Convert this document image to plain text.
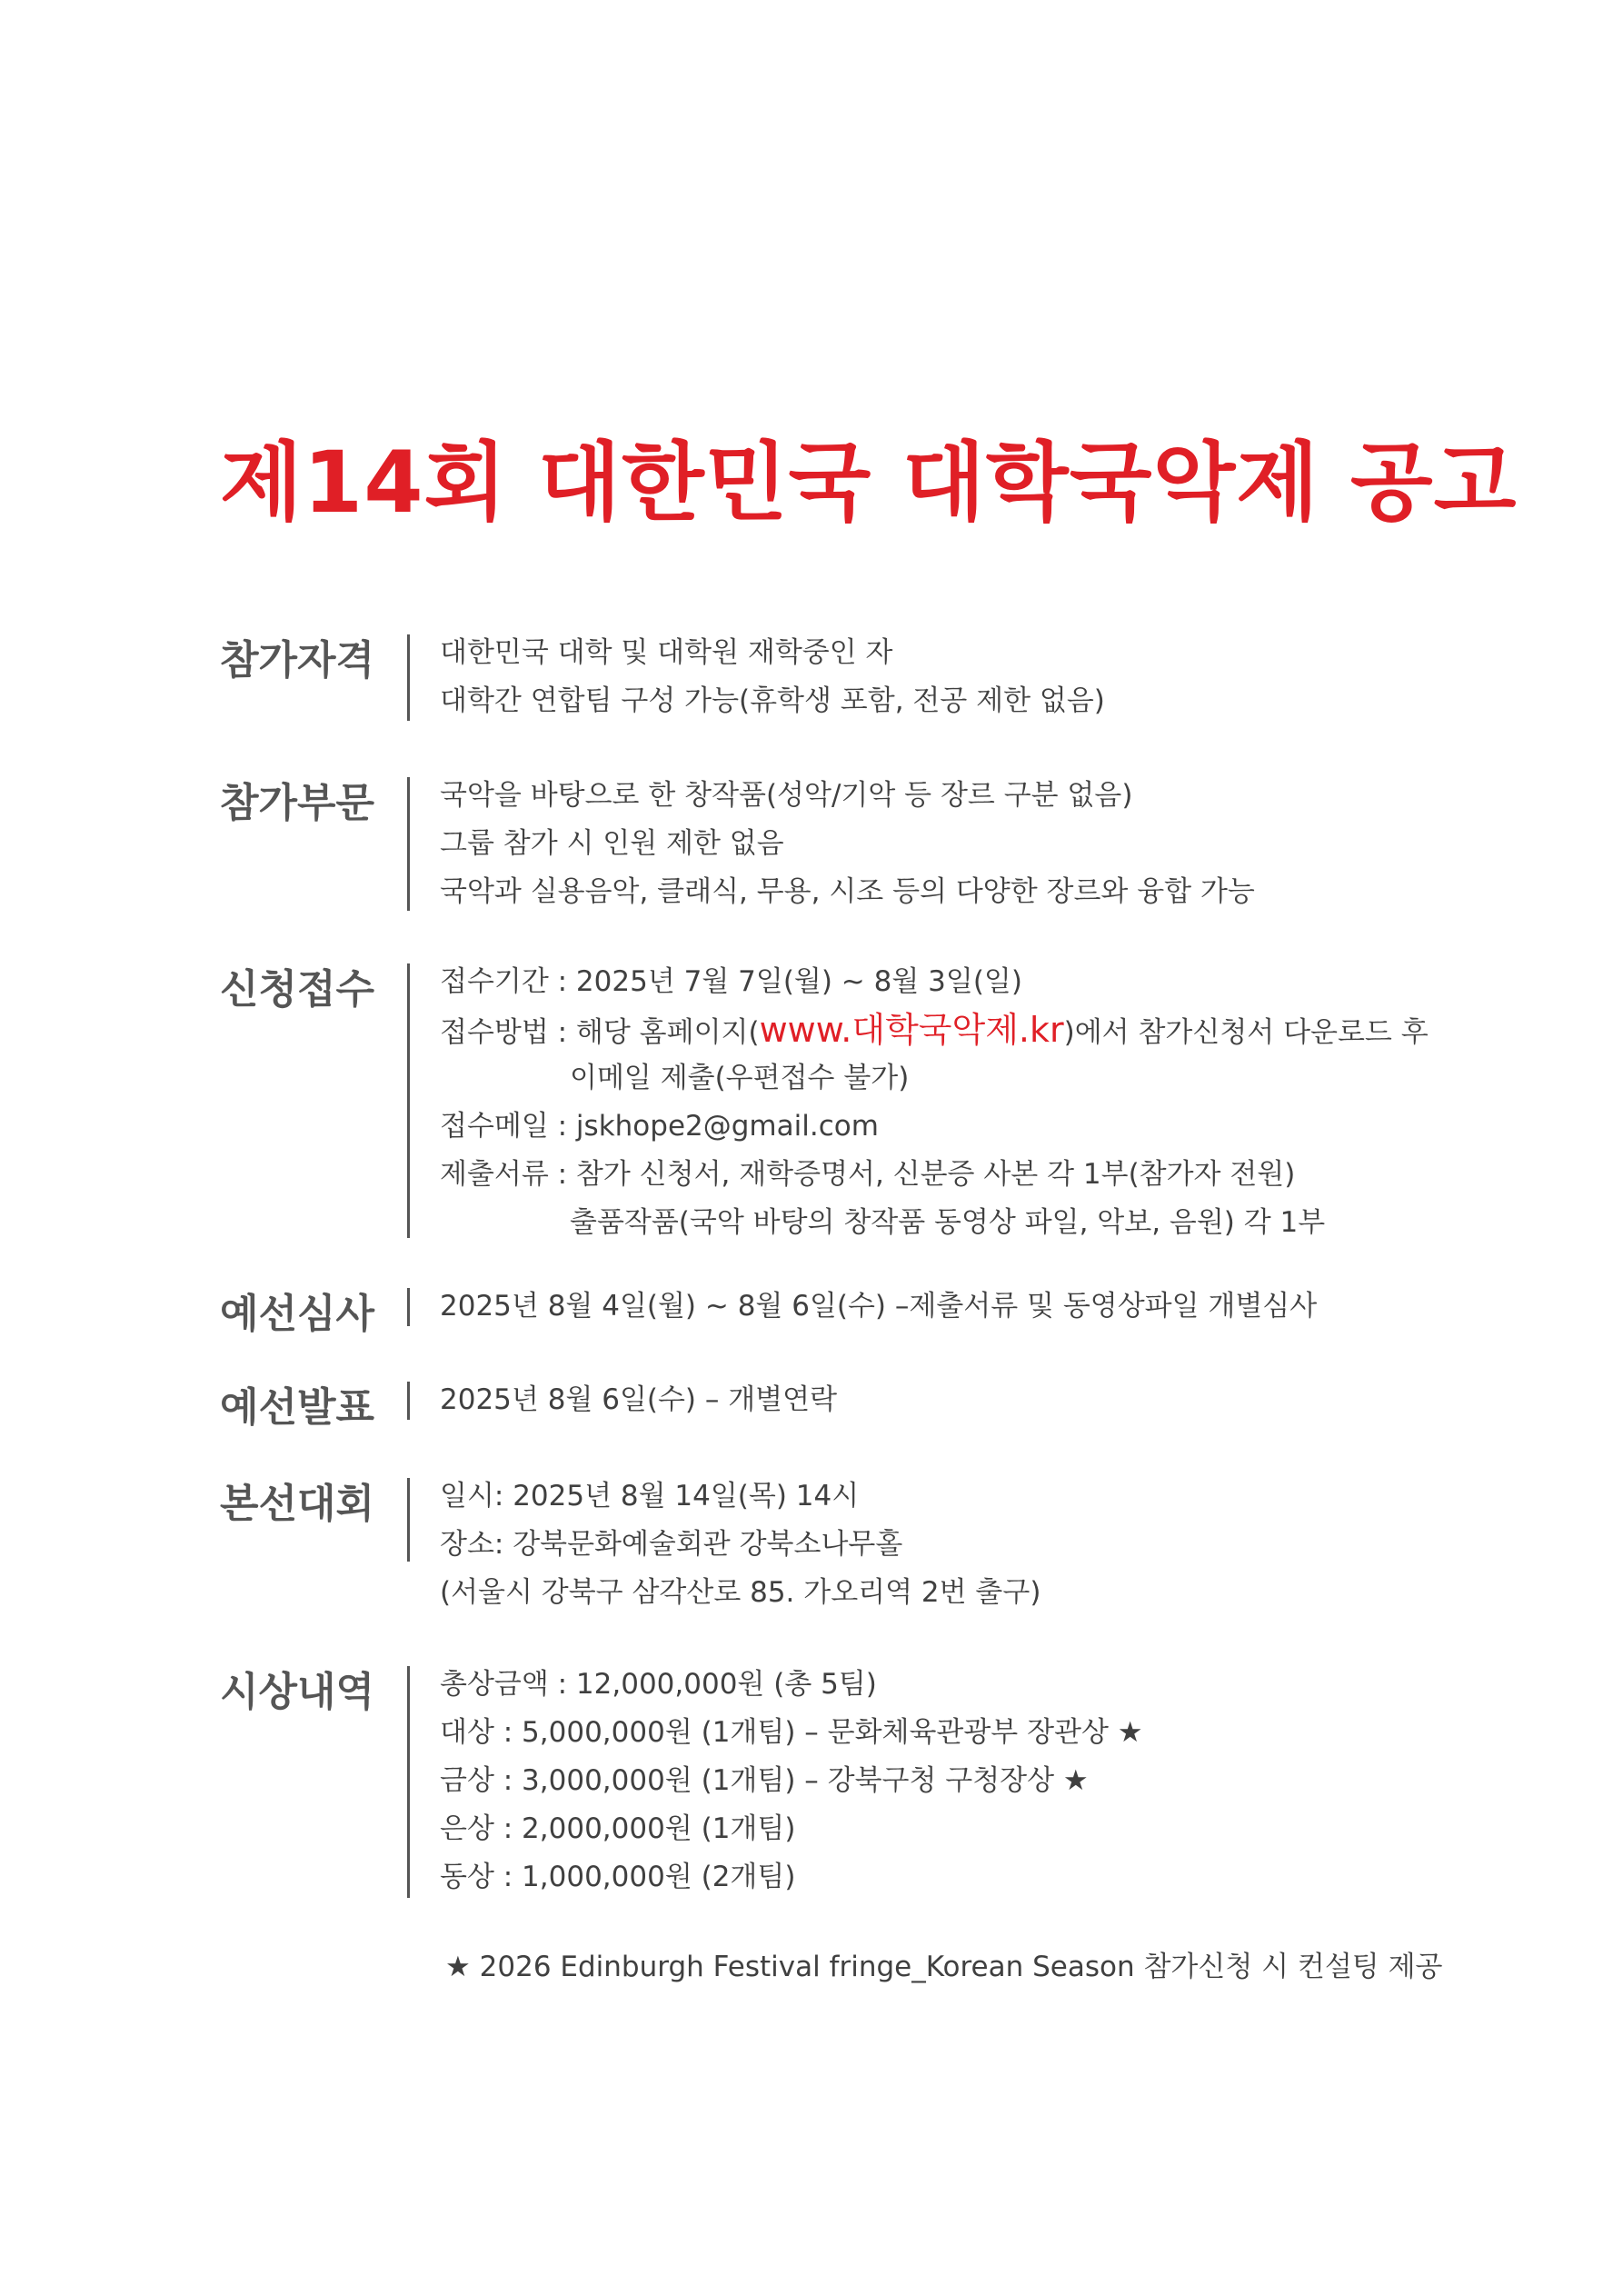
제14회 대한민국 대학국악제 공고
참가자격 대한민국 대학 및 대학원 재학중인 자
대학간 연합팀 구성 가능(휴학생 포함, 전공 제한 없음)
참가부문 국악을 바탕으로 한 창작품(성악/기악 등 장르 구분 없음)
그룹 참가 시 인원 제한 없음
국악과 실용음악, 클래식, 무용, 시조 등의 다양한 장르와 융합 가능
신청접수 접수기간 : 2025년 7월 7일(월) ~ 8월 3일(일)
접수방법 : 해당 홈페이지(www.대학국악제.kr)에서 참가신청서 다운로드 후
이메일 제출(우편접수 불가)
접수메일 : jskhope2@gmail.com
제출서류 : 참가 신청서, 재학증명서, 신분증 사본 각 1부(참가자 전원)
출품작품(국악 바탕의 창작품 동영상 파일, 악보, 음원) 각 1부
예선심사 2025년 8월 4일(월) ~ 8월 6일(수) –제출서류 및 동영상파일 개별심사
예선발표 2025년 8월 6일(수) – 개별연락
본선대회 일시: 2025년 8월 14일(목) 14시
장소: 강북문화예술회관 강북소나무홀
(서울시 강북구 삼각산로 85. 가오리역 2번 출구)
시상내역 총상금액 : 12,000,000원 (총 5팀)
대상 : 5,000,000원 (1개팀) – 문화체육관광부 장관상 ★
금상 : 3,000,000원 (1개팀) – 강북구청 구청장상 ★
은상 : 2,000,000원 (1개팀)
동상 : 1,000,000원 (2개팀)
★ 2026 Edinburgh Festival fringe_Korean Season 참가신청 시 컨설팅 제공
